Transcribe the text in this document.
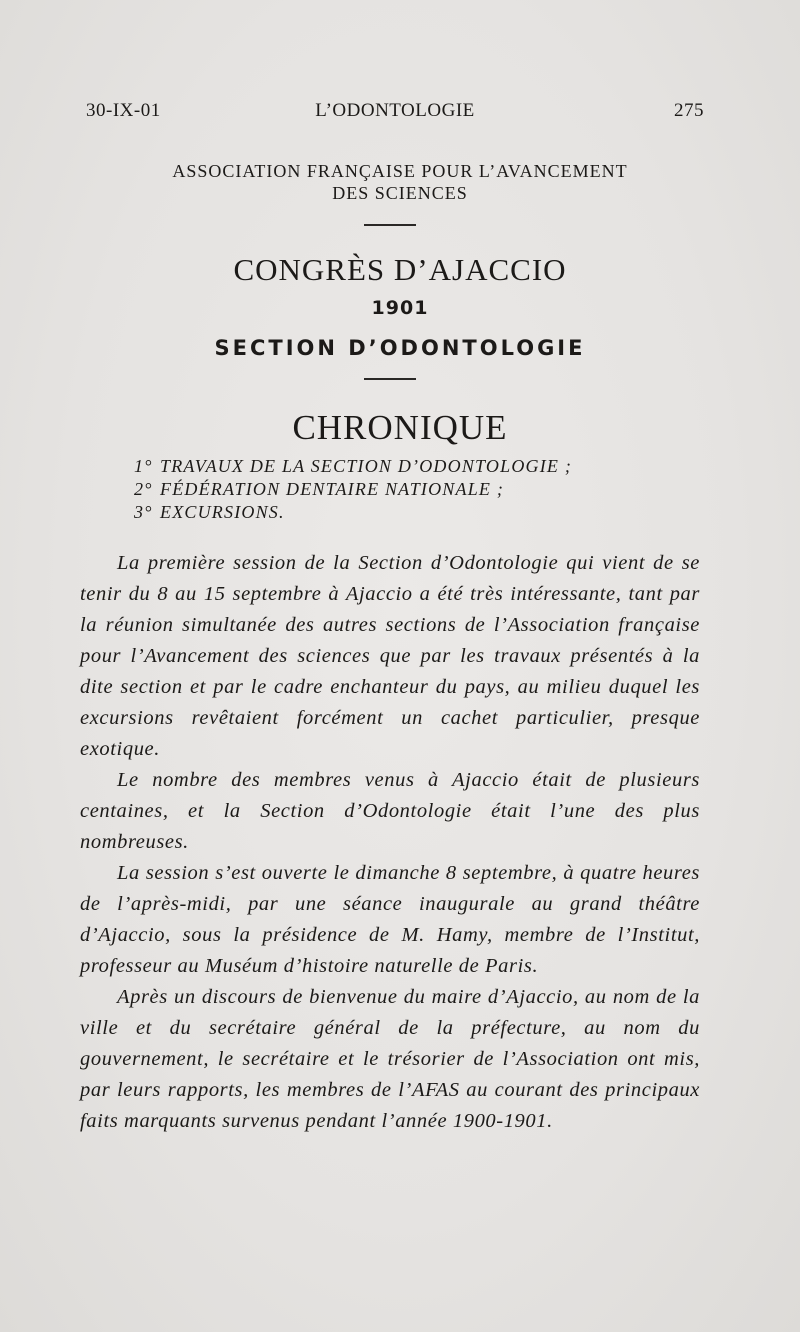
30-IX-01	L’ODONTOLOGIE	275
ASSOCIATION FRANÇAISE POUR L’AVANCEMENT
DES SCIENCES
CONGRÈS D’AJACCIO
1901
SECTION D’ODONTOLOGIE
CHRONIQUE
1° TRAVAUX DE LA SECTION D’ODONTOLOGIE ;
2° FÉDÉRATION DENTAIRE NATIONALE ;
3° EXCURSIONS.

La première session de la Section d’Odontologie qui vient de se tenir du 8 au 15 septembre à Ajaccio a été très intéressante, tant par la réunion simultanée des autres sections de l’Association française pour l’Avancement des sciences que par les travaux présentés à la dite section et par le cadre enchanteur du pays, au milieu duquel les excursions revêtaient forcément un cachet particulier, presque exotique.

Le nombre des membres venus à Ajaccio était de plusieurs centaines, et la Section d’Odontologie était l’une des plus nombreuses.

La session s’est ouverte le dimanche 8 septembre, à quatre heures de l’après-midi, par une séance inaugurale au grand théâtre d’Ajaccio, sous la présidence de M. Hamy, membre de l’Institut, professeur au Muséum d’histoire naturelle de Paris.

Après un discours de bienvenue du maire d’Ajaccio, au nom de la ville et du secrétaire général de la préfecture, au nom du gouvernement, le secrétaire et le trésorier de l’Association ont mis, par leurs rapports, les membres de l’AFAS au courant des principaux faits marquants survenus pendant l’année 1900-1901.
